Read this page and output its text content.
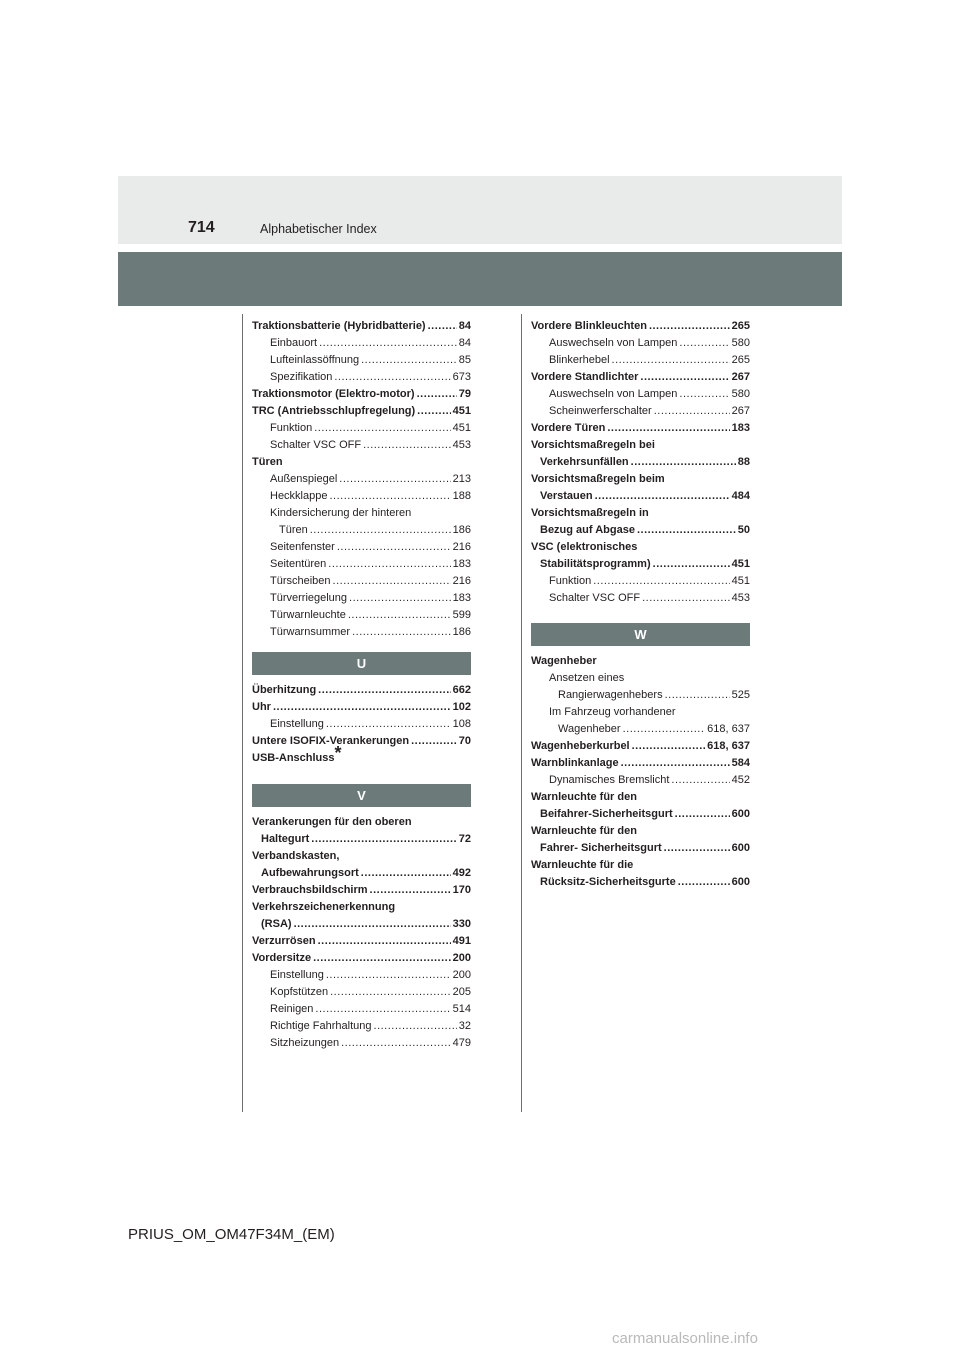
714	Alphabetischer Index
Traktionsbatterie (Hybridbatterie) .....	84
Einbauort .....	84
Lufteinlassöffnung .....	85
Spezifikation .....	673
Traktionsmotor (Elektro-motor) .....	79
TRC (Antriebsschlupfregelung) .....	451
Funktion .....	451
Schalter VSC OFF .....	453
Türen
Außenspiegel .....	213
Heckklappe .....	188
Kindersicherung der hinteren
Türen .....	186
Seitenfenster .....	216
Seitentüren .....	183
Türscheiben .....	216
Türverriegelung .....	183
Türwarnleuchte .....	599
Türwarnsummer .....	186
U
Überhitzung .....	662
Uhr .....	102
Einstellung .....	108
Untere ISOFIX-Verankerungen .....	70
USB-Anschluss*
V
Verankerungen für den oberen
Haltegurt .....	72
Verbandskasten,
Aufbewahrungsort .....	492
Verbrauchsbildschirm .....	170
Verkehrszeichenerkennung
(RSA) .....	330
Verzurrösen .....	491
Vordersitze .....	200
Einstellung .....	200
Kopfstützen .....	205
Reinigen .....	514
Richtige Fahrhaltung .....	32
Sitzheizungen .....	479
Vordere Blinkleuchten .....	265
Auswechseln von Lampen .....	580
Blinkerhebel .....	265
Vordere Standlichter .....	267
Auswechseln von Lampen .....	580
Scheinwerferschalter .....	267
Vordere Türen .....	183
Vorsichtsmaßregeln bei
Verkehrsunfällen .....	88
Vorsichtsmaßregeln beim
Verstauen .....	484
Vorsichtsmaßregeln in
Bezug auf Abgase .....	50
VSC (elektronisches
Stabilitätsprogramm) .....	451
Funktion .....	451
Schalter VSC OFF .....	453
W
Wagenheber
Ansetzen eines
Rangierwagenhebers .....	525
Im Fahrzeug vorhandener
Wagenheber .....	618, 637
Wagenheberkurbel .....	618, 637
Warnblinkanlage .....	584
Dynamisches Bremslicht .....	452
Warnleuchte für den
Beifahrer-Sicherheitsgurt .....	600
Warnleuchte für den
Fahrer- Sicherheitsgurt .....	600
Warnleuchte für die
Rücksitz-Sicherheitsgurte .....	600
PRIUS_OM_OM47F34M_(EM)
carmanualsonline.info
